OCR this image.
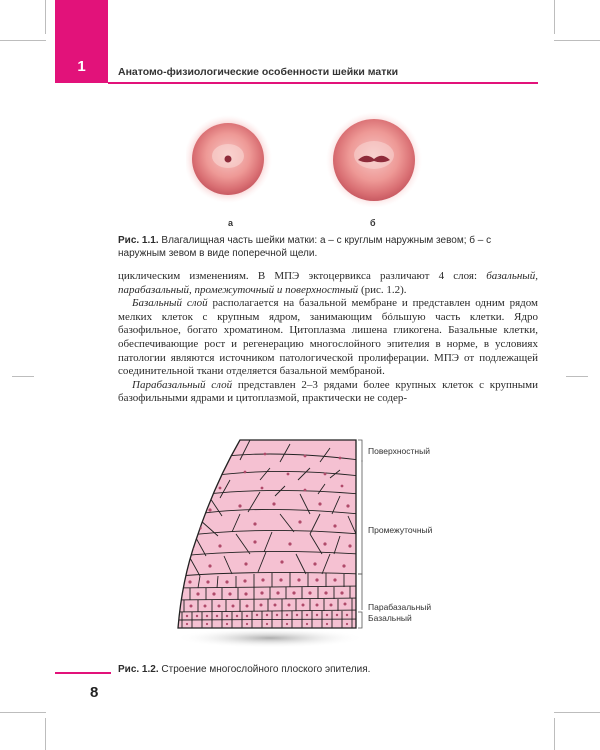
1	Анатомо-физиологические особенности шейки матки
а	б
Рис. 1.1. Влагалищная часть шейки матки: а – с круглым наружным зевом; б – с наружным зевом в виде поперечной щели.

циклическим изменениям. В МПЭ эктоцервикса различают 4 слоя: базальный, парабазальный, промежуточный и поверхностный (рис. 1.2).

Базальный слой располагается на базальной мембране и представлен одним рядом мелких клеток с крупным ядром, занимающим бóльшую часть клетки. Ядро базофильное, богато хроматином. Цитоплазма лишена гликогена. Базальные клетки, обеспечивающие рост и регенерацию многослойного эпителия в норме, в условиях патологии являются источником патологической пролиферации. МПЭ от подлежащей соединительной ткани отделяется базальной мембраной.

Парабазальный слой представлен 2–3 рядами более крупных клеток с крупными базофильными ядрами и цитоплазмой, практически не содер-

Поверхностный
Промежуточный
Парабазальный
Базальный
Рис. 1.2. Строение многослойного плоского эпителия.
8
